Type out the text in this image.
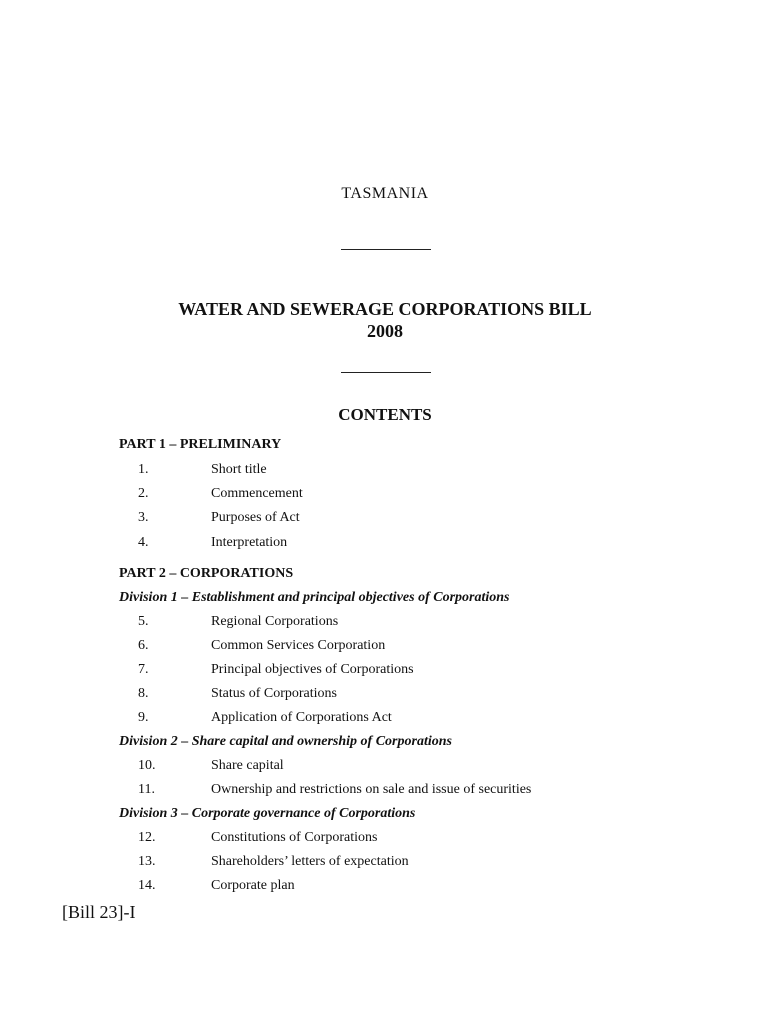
TASMANIA
WATER AND SEWERAGE CORPORATIONS BILL
2008
CONTENTS
PART 1 – PRELIMINARY
1.	Short title
2.	Commencement
3.	Purposes of Act
4.	Interpretation
PART 2 – CORPORATIONS
Division 1 – Establishment and principal objectives of Corporations
5.	Regional Corporations
6.	Common Services Corporation
7.	Principal objectives of Corporations
8.	Status of Corporations
9.	Application of Corporations Act
Division 2 – Share capital and ownership of Corporations
10.	Share capital
11.	Ownership and restrictions on sale and issue of securities
Division 3 – Corporate governance of Corporations
12.	Constitutions of Corporations
13.	Shareholders’ letters of expectation
14.	Corporate plan
[Bill 23]-I
